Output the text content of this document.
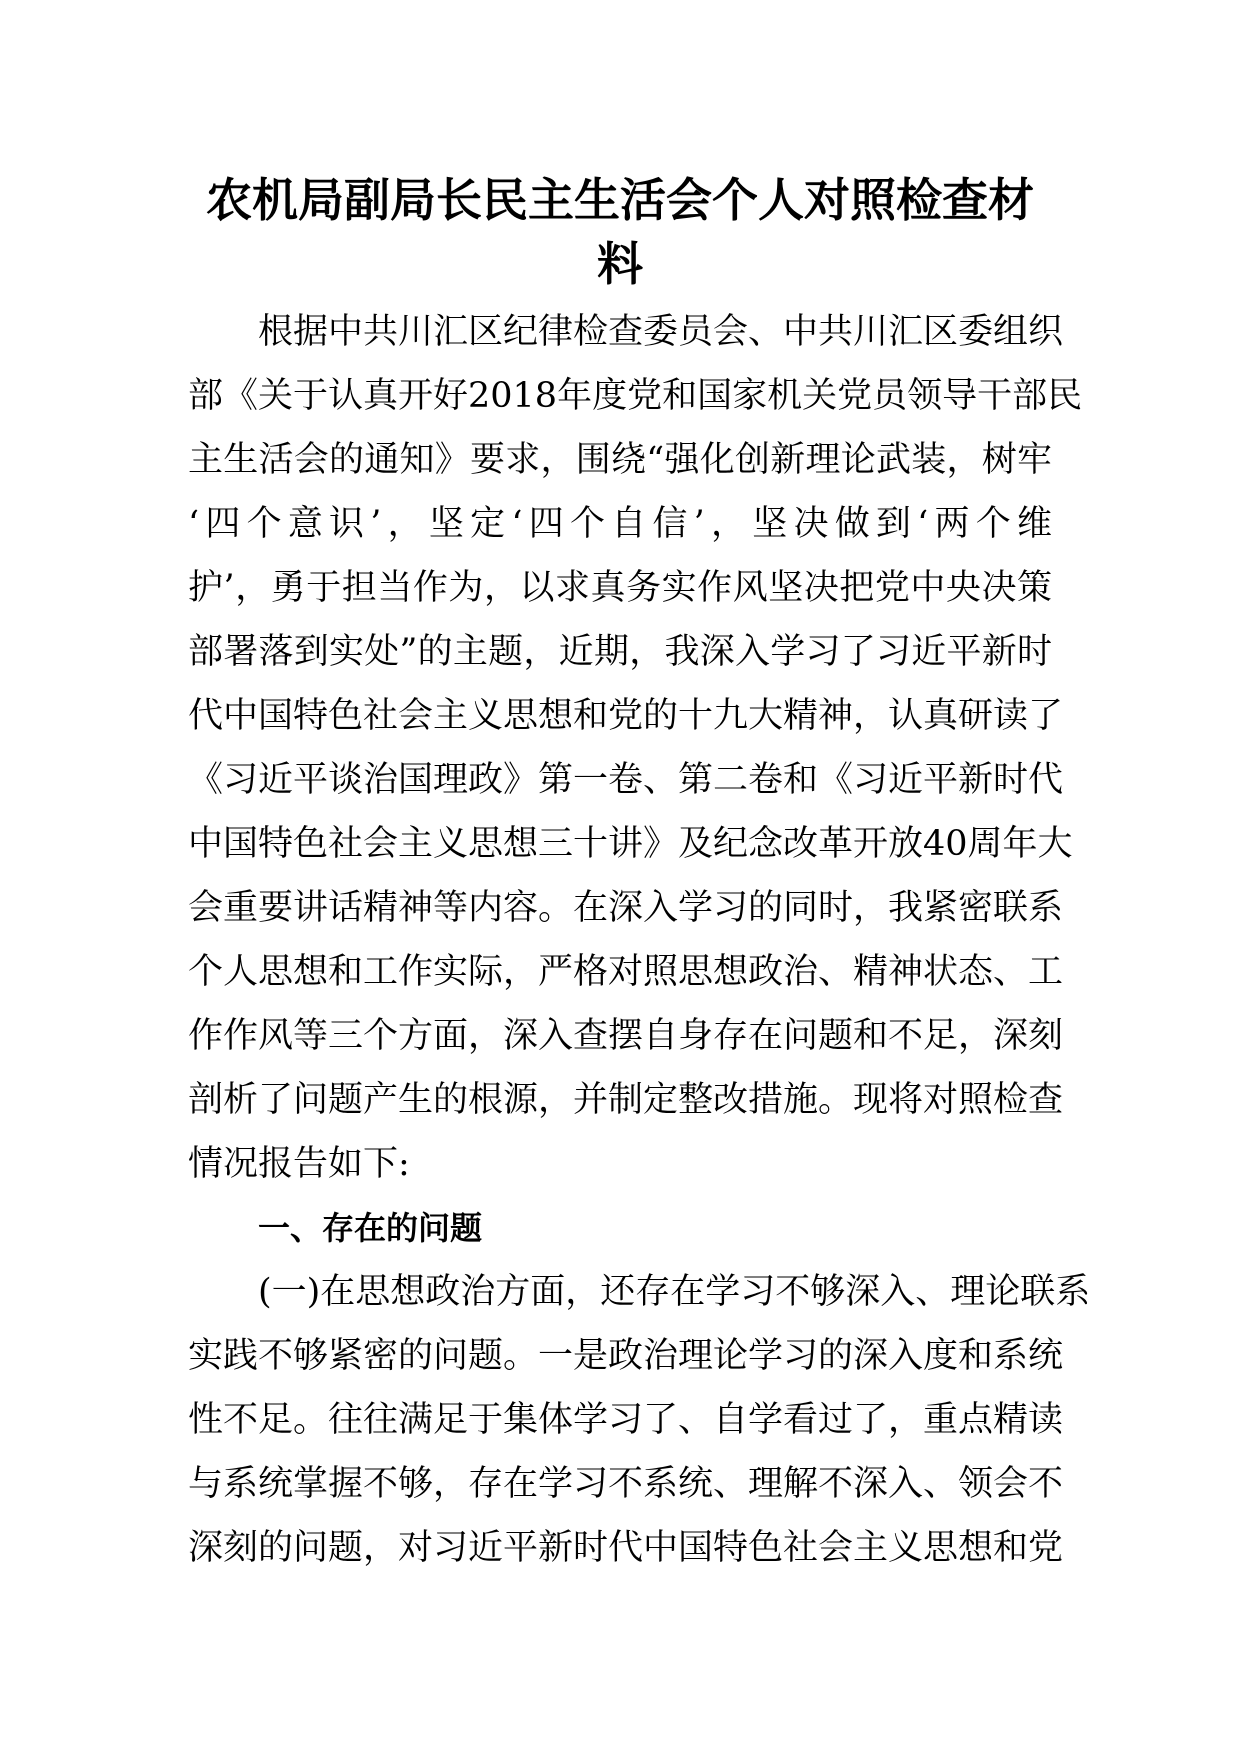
农机局副局长民主生活会个人对照检查材
料
根据中共川汇区纪律检查委员会、中共川汇区委组织
部《关于认真开好2018年度党和国家机关党员领导干部民
主生活会的通知》要求，围绕“强化创新理论武装，树牢
‘四个意识’，坚定‘四个自信’，坚决做到‘两个维
护’，勇于担当作为，以求真务实作风坚决把党中央决策
部署落到实处”的主题，近期，我深入学习了习近平新时
代中国特色社会主义思想和党的十九大精神，认真研读了
《习近平谈治国理政》第一卷、第二卷和《习近平新时代
中国特色社会主义思想三十讲》及纪念改革开放40周年大
会重要讲话精神等内容。在深入学习的同时，我紧密联系
个人思想和工作实际，严格对照思想政治、精神状态、工
作作风等三个方面，深入查摆自身存在问题和不足，深刻
剖析了问题产生的根源，并制定整改措施。现将对照检查
情况报告如下:
一、存在的问题
(一)在思想政治方面，还存在学习不够深入、理论联系
实践不够紧密的问题。一是政治理论学习的深入度和系统
性不足。往往满足于集体学习了、自学看过了，重点精读
与系统掌握不够，存在学习不系统、理解不深入、领会不
深刻的问题，对习近平新时代中国特色社会主义思想和党
